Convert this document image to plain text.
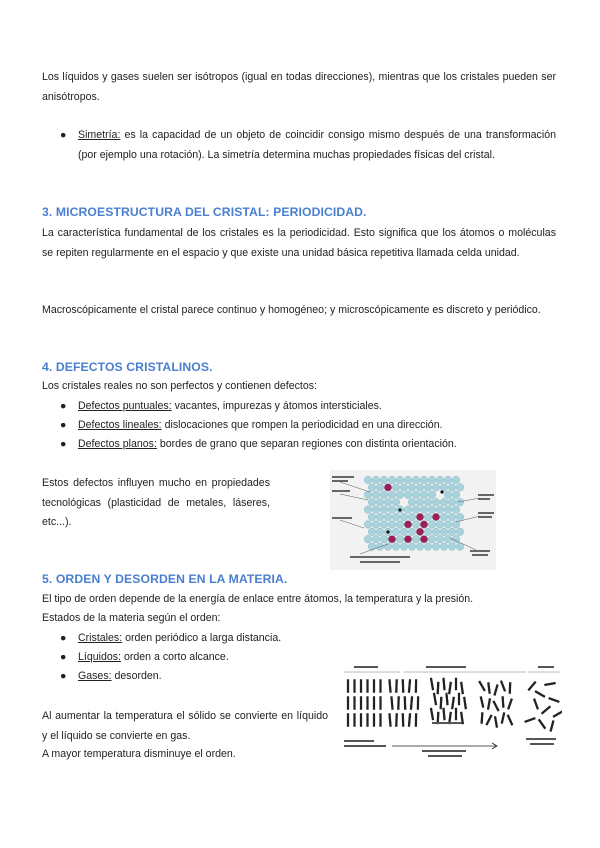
Los líquidos y gases suelen ser isótropos (igual en todas direcciones), mientras que los cristales pueden ser anisótropos.

● Simetría: es la capacidad de un objeto de coincidir consigo mismo después de una transformación (por ejemplo una rotación). La simetría determina muchas propiedades físicas del cristal.

3. MICROESTRUCTURA DEL CRISTAL: PERIODICIDAD.

La característica fundamental de los cristales es la periodicidad. Esto significa que los átomos o moléculas se repiten regularmente en el espacio y que existe una unidad básica repetitiva llamada celda unidad.

Macroscópicamente el cristal parece continuo y homogéneo; y microscópicamente es discreto y periódico.

4. DEFECTOS CRISTALINOS.

Los cristales reales no son perfectos y contienen defectos:

● Defectos puntuales: vacantes, impurezas y átomos intersticiales.
● Defectos lineales: dislocaciones que rompen la periodicidad en una dirección.
● Defectos planos: bordes de grano que separan regiones con distinta orientación.

Estos defectos influyen mucho en propiedades tecnológicas (plasticidad de metales, láseres, etc...).

5. ORDEN Y DESORDEN EN LA MATERIA.

El tipo de orden depende de la energía de enlace entre átomos, la temperatura y la presión.

Estados de la materia según el orden:

● Cristales: orden periódico a larga distancia.
● Líquidos: orden a corto alcance.
● Gases: desorden.

Al aumentar la temperatura el sólido se convierte en líquido y el líquido se convierte en gas.

A mayor temperatura disminuye el orden.
